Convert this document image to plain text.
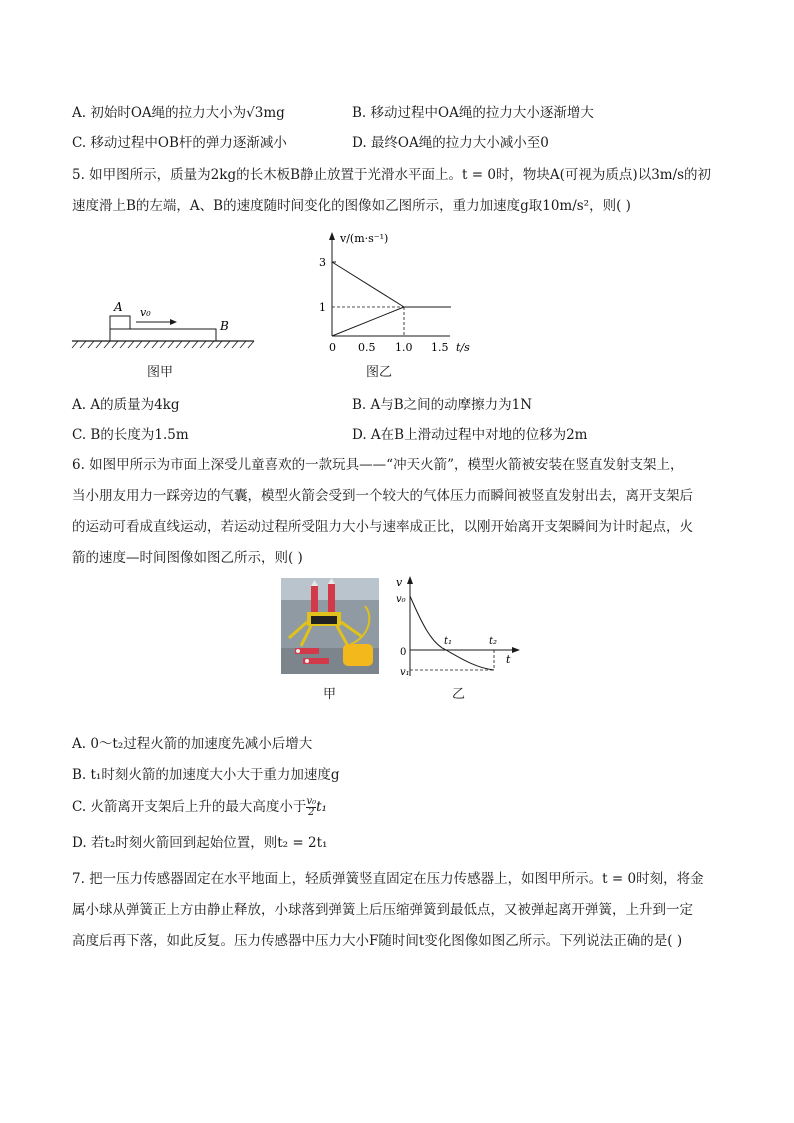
A. 初始时OA绳的拉力大小为√3mg	B. 移动过程中OA绳的拉力大小逐渐增大
C. 移动过程中OB杆的弹力逐渐减小	D. 最终OA绳的拉力大小减小至0
5. 如甲图所示，质量为2kg的长木板B静止放置于光滑水平面上。t = 0时，物块A(可视为质点)以3m/s的初
速度滑上B的左端，A、B的速度随时间变化的图像如乙图所示，重力加速度g取10m/s²，则( )
A v₀
B
图甲
v/(m·s⁻¹)
3
1
0 0.5 1.0 1.5 t/s
图乙
A. A的质量为4kg	B. A与B之间的动摩擦力为1N
C. B的长度为1.5m	D. A在B上滑动过程中对地的位移为2m
6. 如图甲所示为市面上深受儿童喜欢的一款玩具——“冲天火箭”，模型火箭被安装在竖直发射支架上，
当小朋友用力一踩旁边的气囊，模型火箭会受到一个较大的气体压力而瞬间被竖直发射出去，离开支架后
的运动可看成直线运动，若运动过程所受阻力大小与速率成正比，以刚开始离开支架瞬间为计时起点，火
箭的速度—时间图像如图乙所示，则( )
甲
v
v₀
0
v₁
t₁	t₂
t
乙
A. 0～t₂过程火箭的加速度先减小后增大
B. t₁时刻火箭的加速度大小大于重力加速度g
C. 火箭离开支架后上升的最大高度小于 $\frac{\text{v₀}}{2} t_1$
D. 若t₂时刻火箭回到起始位置，则t₂ = 2t₁
7. 把一压力传感器固定在水平地面上，轻质弹簧竖直固定在压力传感器上，如图甲所示。t = 0时刻，将金
属小球从弹簧正上方由静止释放，小球落到弹簧上后压缩弹簧到最低点，又被弹起离开弹簧，上升到一定
高度后再下落，如此反复。压力传感器中压力大小F随时间t变化图像如图乙所示。下列说法正确的是( )
